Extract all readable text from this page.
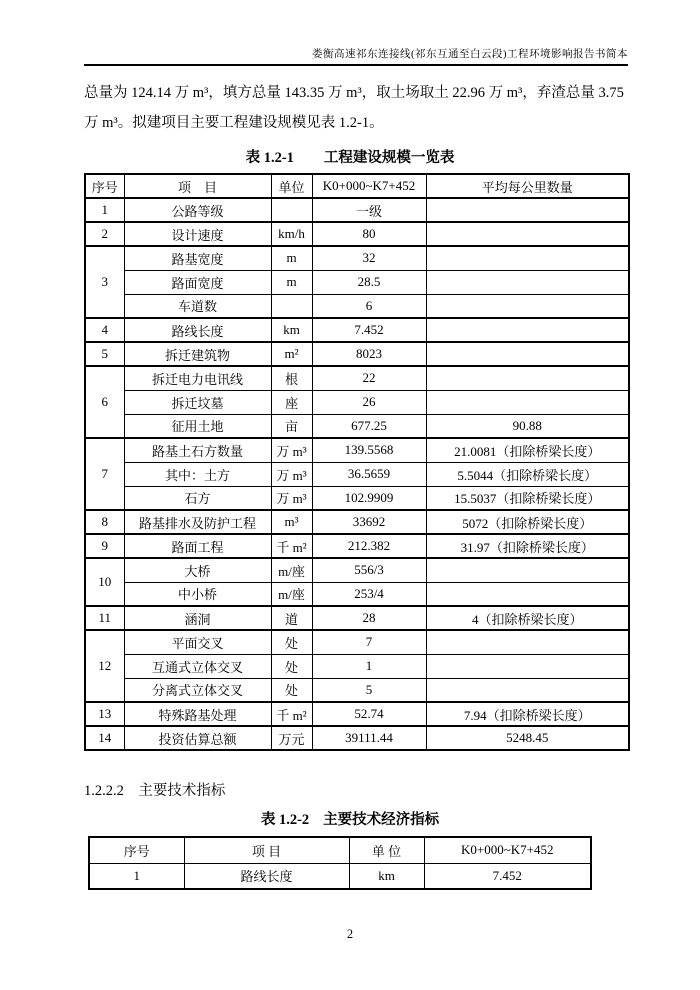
娄衡高速祁东连接线(祁东互通至白云段)工程环境影响报告书简本
总量为 124.14 万 m³，填方总量 143.35 万 m³，取土场取土 22.96 万 m³，弃渣总量 3.75
万 m³。拟建项目主要工程建设规模见表 1.2-1。
表 1.2-1 工程建设规模一览表
序号	项　目	单位	K0+000~K7+452	平均每公里数量
1	公路等级		一级	
2	设计速度	km/h	80	
3	路基宽度	m	32	
	路面宽度	m	28.5	
	车道数		6	
4	路线长度	km	7.452	
5	拆迁建筑物	m²	8023	
6	拆迁电力电讯线	根	22	
	拆迁坟墓	座	26	
	征用土地	亩	677.25	90.88
7	路基土石方数量	万 m³	139.5568	21.0081（扣除桥梁长度）
	其中：土方	万 m³	36.5659	5.5044（扣除桥梁长度）
	石方	万 m³	102.9909	15.5037（扣除桥梁长度）
8	路基排水及防护工程	m³	33692	5072（扣除桥梁长度）
9	路面工程	千 m²	212.382	31.97（扣除桥梁长度）
10	大桥	m/座	556/3	
	中小桥	m/座	253/4	
11	涵洞	道	28	4（扣除桥梁长度）
12	平面交叉	处	7	
	互通式立体交叉	处	1	
	分离式立体交叉	处	5	
13	特殊路基处理	千 m²	52.74	7.94（扣除桥梁长度）
14	投资估算总额	万元	39111.44	5248.45
1.2.2.2　主要技术指标
表 1.2-2 主要技术经济指标
序号	项 目	单 位	K0+000~K7+452
1	路线长度	km	7.452
2
